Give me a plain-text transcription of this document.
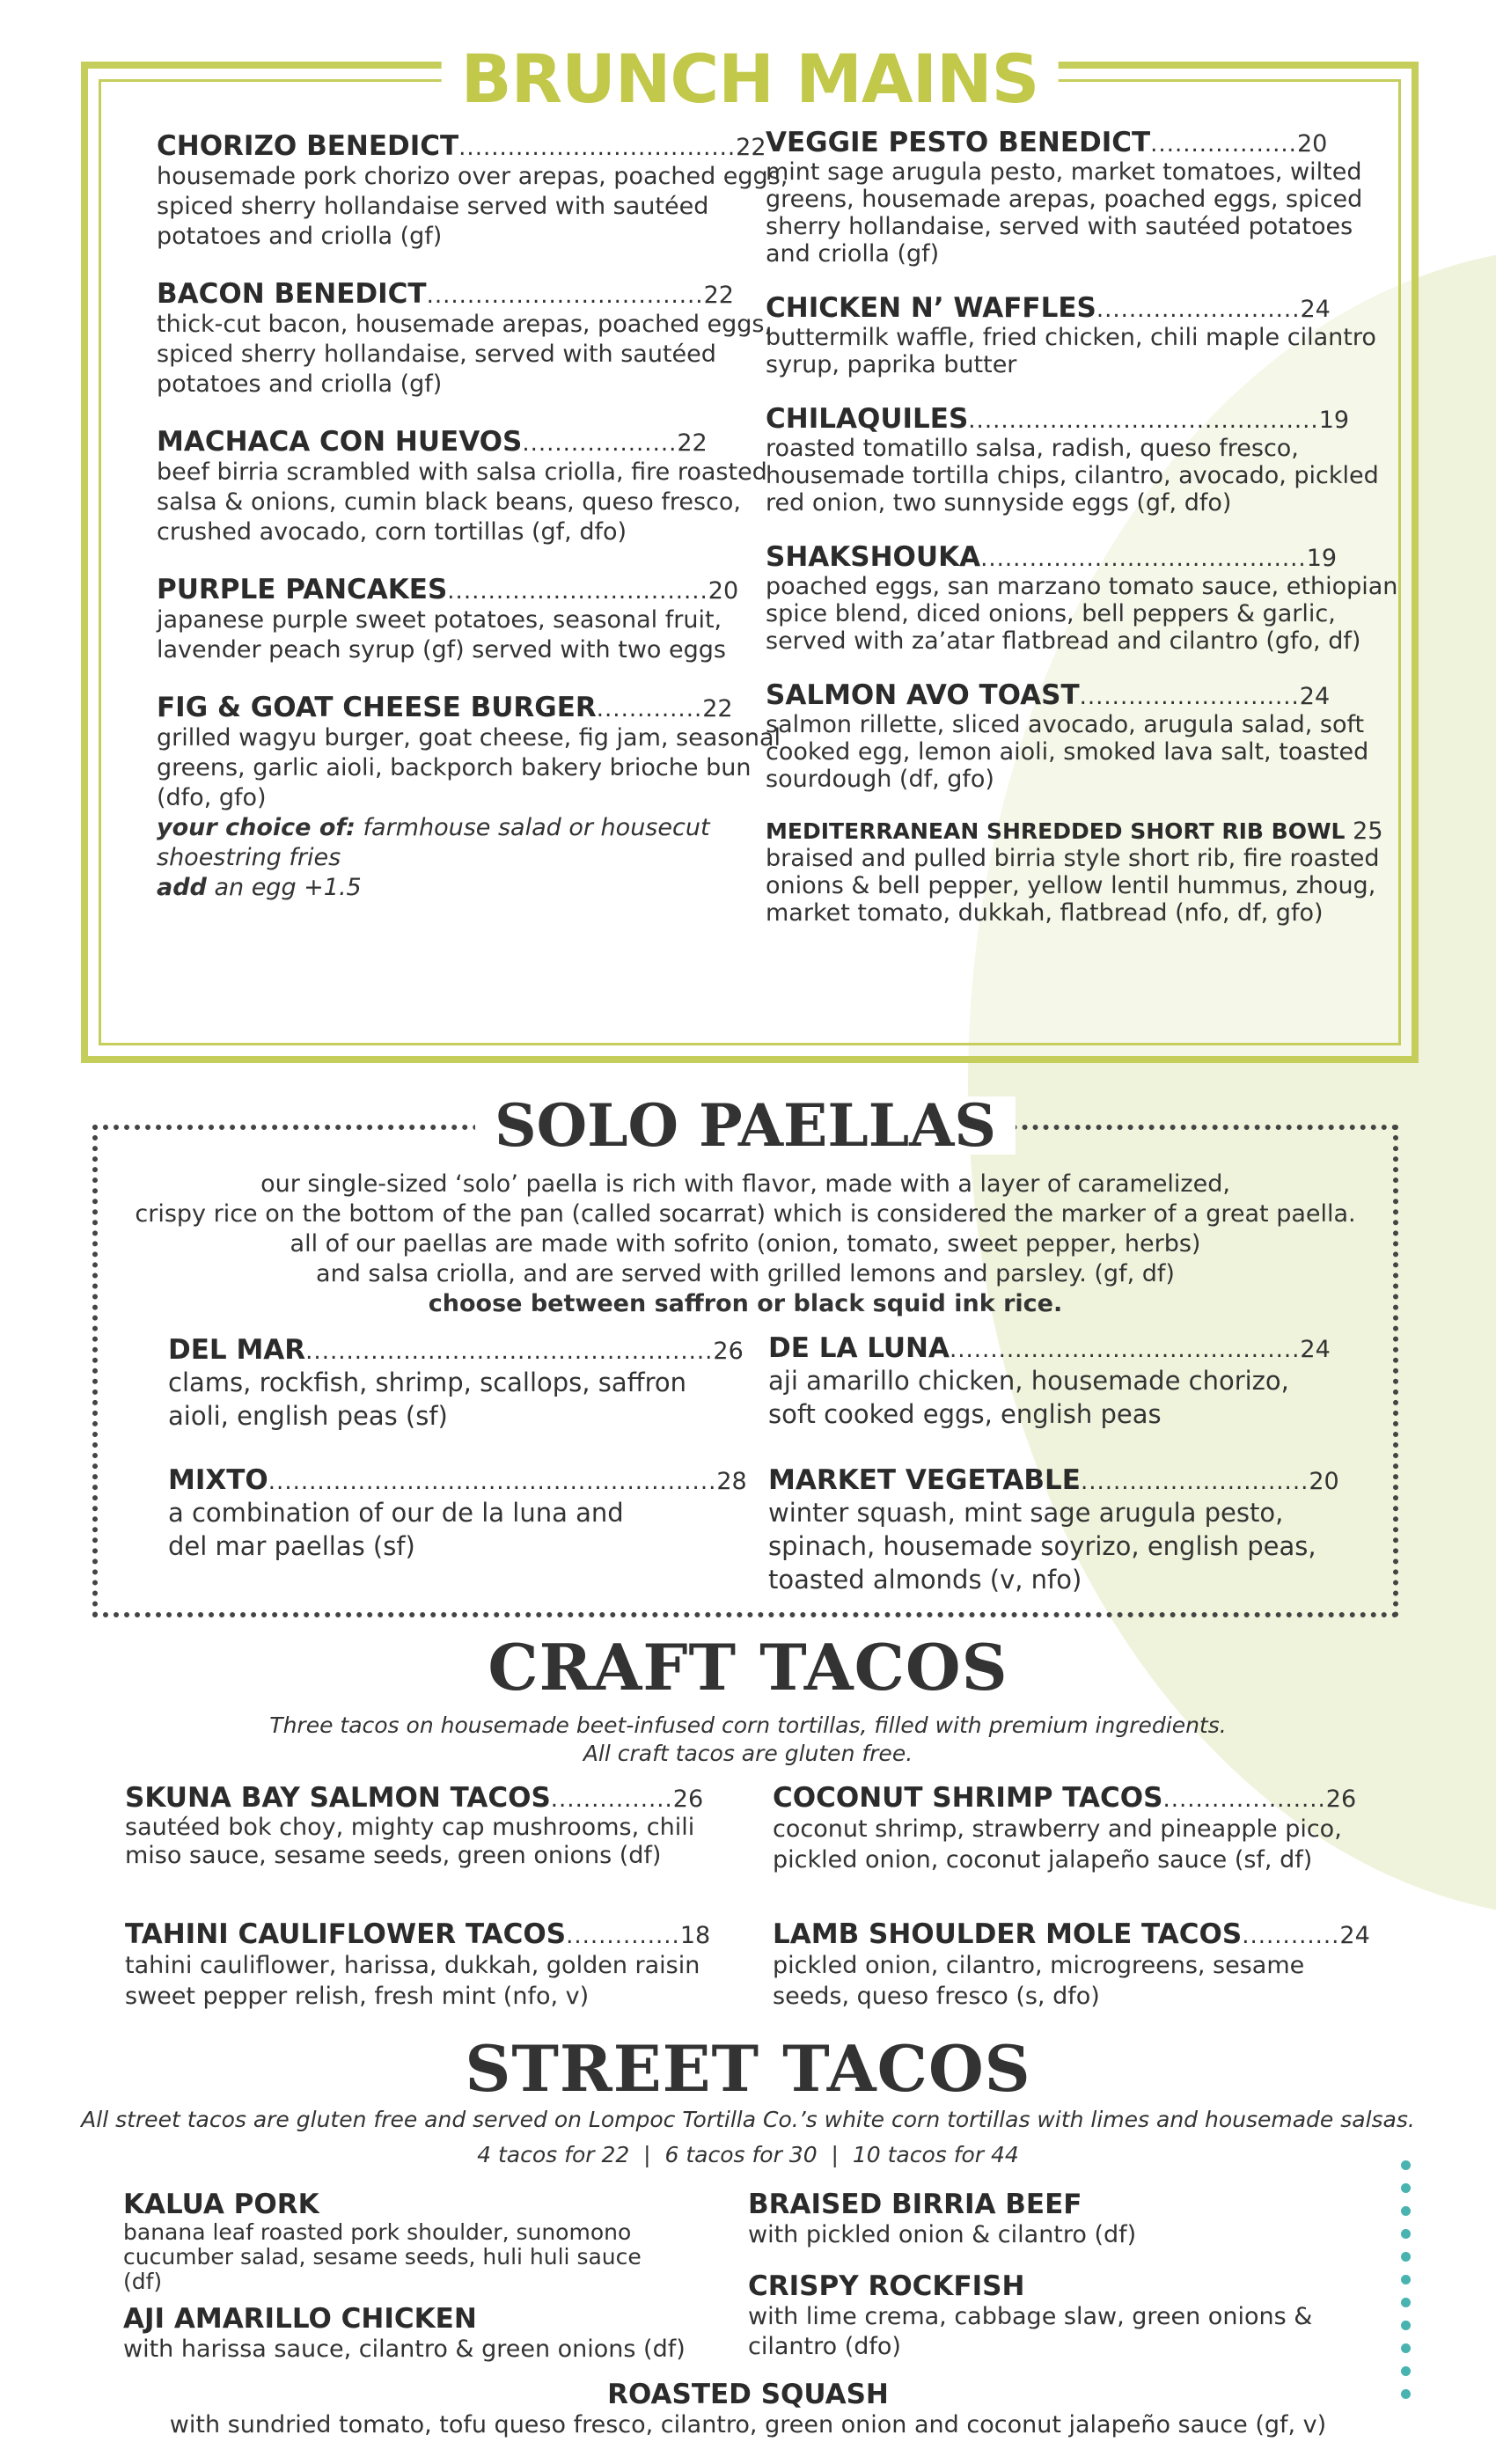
BRUNCH MAINS
CHORIZO BENEDICT..................................22
housemade pork chorizo over arepas, poached eggs, spiced sherry hollandaise served with sautéed potatoes and criolla (gf)
BACON BENEDICT..................................22
thick-cut bacon, housemade arepas, poached eggs, spiced sherry hollandaise, served with sautéed potatoes and criolla (gf)
MACHACA CON HUEVOS...................22
beef birria scrambled with salsa criolla, fire roasted salsa & onions, cumin black beans, queso fresco, crushed avocado, corn tortillas (gf, dfo)
PURPLE PANCAKES................................20
japanese purple sweet potatoes, seasonal fruit, lavender peach syrup (gf) served with two eggs
FIG & GOAT CHEESE BURGER.............22
grilled wagyu burger, goat cheese, fig jam, seasonal greens, garlic aioli, backporch bakery brioche bun (dfo, gfo)
your choice of: farmhouse salad or housecut shoestring fries
add an egg +1.5
VEGGIE PESTO BENEDICT..................20
mint sage arugula pesto, market tomatoes, wilted greens, housemade arepas, poached eggs, spiced sherry hollandaise, served with sautéed potatoes and criolla (gf)
CHICKEN N’ WAFFLES.........................24
buttermilk waffle, fried chicken, chili maple cilantro syrup, paprika butter
CHILAQUILES...........................................19
roasted tomatillo salsa, radish, queso fresco, housemade tortilla chips, cilantro, avocado, pickled red onion, two sunnyside eggs (gf, dfo)
SHAKSHOUKA........................................19
poached eggs, san marzano tomato sauce, ethiopian spice blend, diced onions, bell peppers & garlic, served with za’atar flatbread and cilantro (gfo, df)
SALMON AVO TOAST...........................24
salmon rillette, sliced avocado, arugula salad, soft cooked egg, lemon aioli, smoked lava salt, toasted sourdough (df, gfo)
MEDITERRANEAN SHREDDED SHORT RIB BOWL 25
braised and pulled birria style short rib, fire roasted onions & bell pepper, yellow lentil hummus, zhoug, market tomato, dukkah, flatbread (nfo, df, gfo)
SOLO PAELLAS
our single-sized ‘solo’ paella is rich with flavor, made with a layer of caramelized,
crispy rice on the bottom of the pan (called socarrat) which is considered the marker of a great paella.
all of our paellas are made with sofrito (onion, tomato, sweet pepper, herbs)
and salsa criolla, and are served with grilled lemons and parsley. (gf, df)
choose between saffron or black squid ink rice.
DEL MAR..................................................26
clams, rockfish, shrimp, scallops, saffron aioli, english peas (sf)
DE LA LUNA...........................................24
aji amarillo chicken, housemade chorizo, soft cooked eggs, english peas
MIXTO.......................................................28
a combination of our de la luna and del mar paellas (sf)
MARKET VEGETABLE............................20
winter squash, mint sage arugula pesto, spinach, housemade soyrizo, english peas, toasted almonds (v, nfo)
CRAFT TACOS
Three tacos on housemade beet-infused corn tortillas, filled with premium ingredients.
All craft tacos are gluten free.
SKUNA BAY SALMON TACOS...............26
sautéed bok choy, mighty cap mushrooms, chili miso sauce, sesame seeds, green onions (df)
COCONUT SHRIMP TACOS....................26
coconut shrimp, strawberry and pineapple pico, pickled onion, coconut jalapeño sauce (sf, df)
TAHINI CAULIFLOWER TACOS..............18
tahini cauliflower, harissa, dukkah, golden raisin sweet pepper relish, fresh mint (nfo, v)
LAMB SHOULDER MOLE TACOS............24
pickled onion, cilantro, microgreens, sesame seeds, queso fresco (s, dfo)
STREET TACOS
All street tacos are gluten free and served on Lompoc Tortilla Co.’s white corn tortillas with limes and housemade salsas.
4 tacos for 22  |  6 tacos for 30  |  10 tacos for 44
KALUA PORK
banana leaf roasted pork shoulder, sunomono cucumber salad, sesame seeds, huli huli sauce (df)
BRAISED BIRRIA BEEF
with pickled onion & cilantro (df)
AJI AMARILLO CHICKEN
with harissa sauce, cilantro & green onions (df)
CRISPY ROCKFISH
with lime crema, cabbage slaw, green onions & cilantro (dfo)
ROASTED SQUASH
with sundried tomato, tofu queso fresco, cilantro, green onion and coconut jalapeño sauce (gf, v)
